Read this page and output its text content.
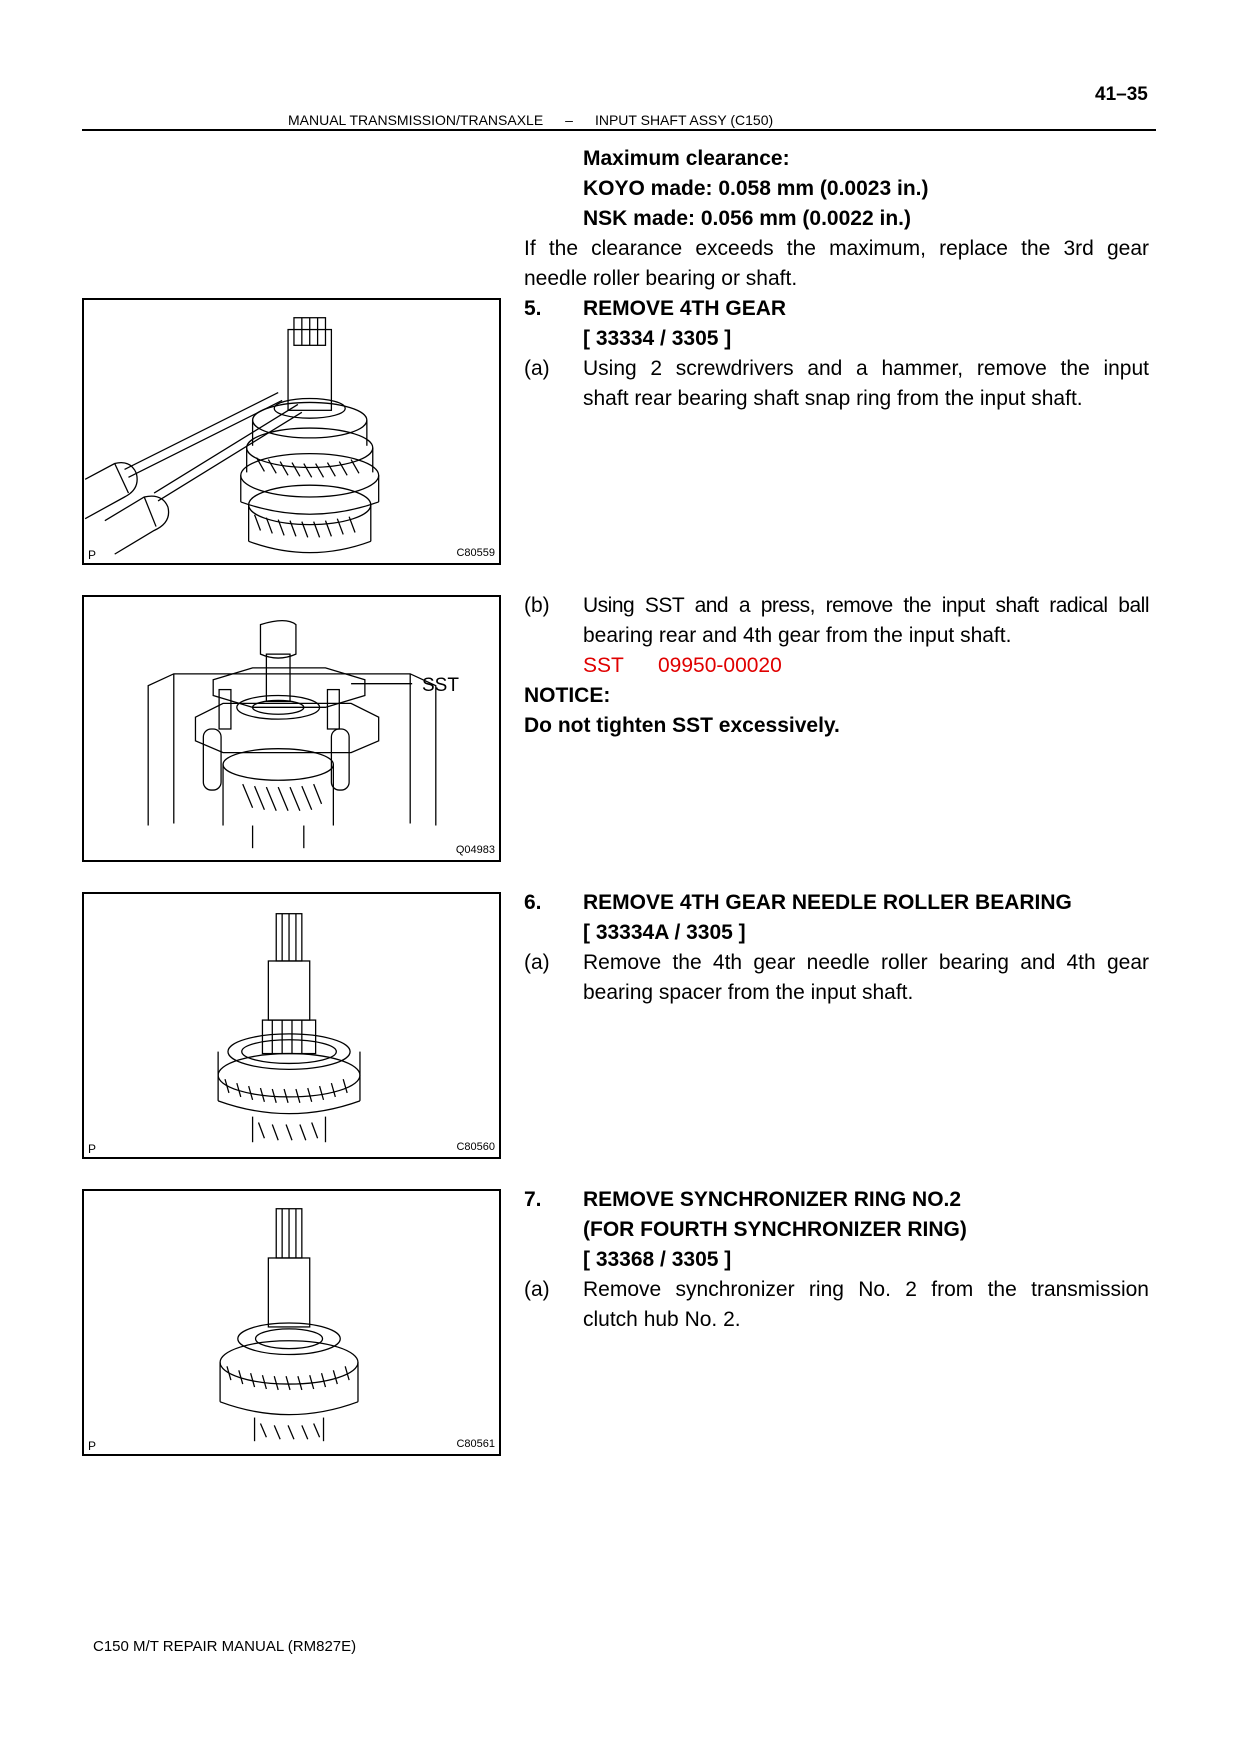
41–35
MANUAL TRANSMISSION/TRANSAXLE – INPUT SHAFT ASSY (C150)
Maximum clearance:
KOYO made: 0.058 mm (0.0023 in.)
NSK made: 0.056 mm (0.0022 in.)
If the clearance exceeds the maximum, replace the 3rd gear
needle roller bearing or shaft.
P	C80559
5. REMOVE 4TH GEAR
[ 33334 / 3305 ]
(a) Using 2 screwdrivers and a hammer, remove the input
shaft rear bearing shaft snap ring from the input shaft.
SST
Q04983
(b) Using SST and a press, remove the input shaft radical ball
bearing rear and 4th gear from the input shaft.
SST 09950-00020
NOTICE:
Do not tighten SST excessively.
P	C80560
6. REMOVE 4TH GEAR NEEDLE ROLLER BEARING
[ 33334A / 3305 ]
(a) Remove the 4th gear needle roller bearing and 4th gear
bearing spacer from the input shaft.
P	C80561
7. REMOVE SYNCHRONIZER RING NO.2
(FOR FOURTH SYNCHRONIZER RING)
[ 33368 / 3305 ]
(a) Remove synchronizer ring No. 2 from the transmission
clutch hub No. 2.
C150 M/T REPAIR MANUAL (RM827E)
